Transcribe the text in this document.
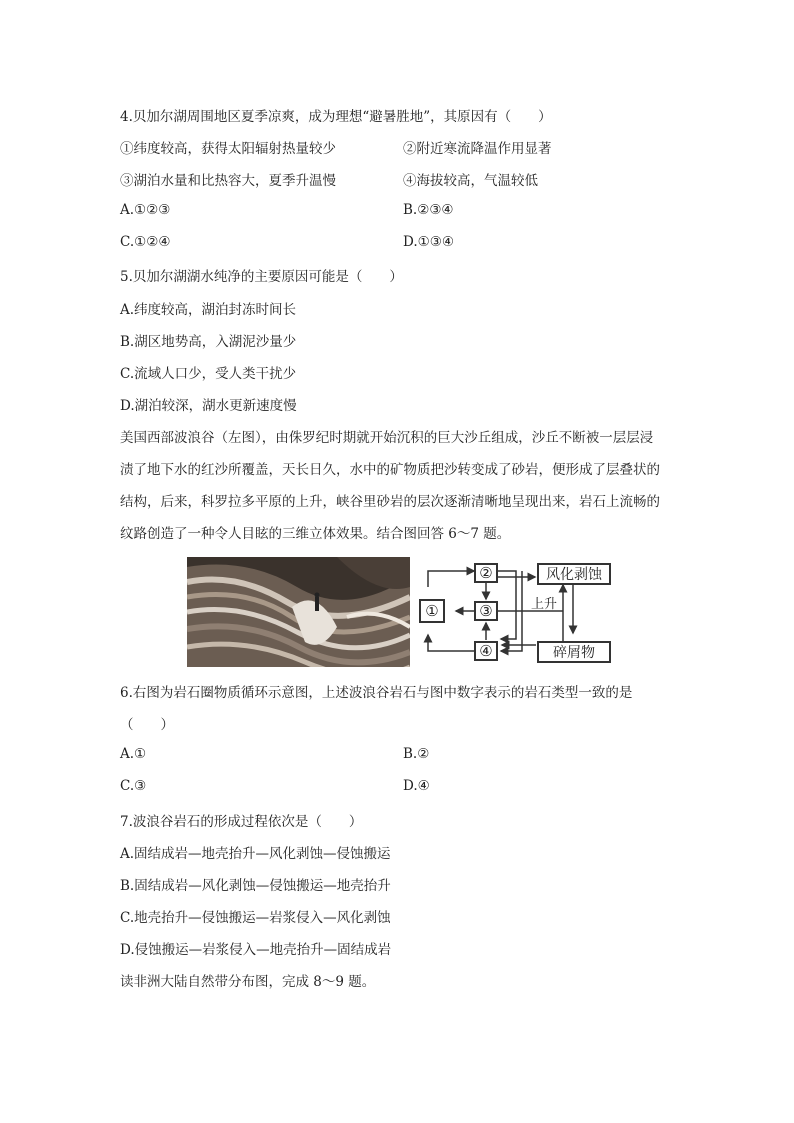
4.贝加尔湖周围地区夏季凉爽，成为理想“避暑胜地”，其原因有（　　）
①纬度较高，获得太阳辐射热量较少	②附近寒流降温作用显著
③湖泊水量和比热容大，夏季升温慢	④海拔较高，气温较低
A.①②③	B.②③④
C.①②④	D.①③④
5.贝加尔湖湖水纯净的主要原因可能是（　　）
A.纬度较高，湖泊封冻时间长
B.湖区地势高，入湖泥沙量少
C.流域人口少，受人类干扰少
D.湖泊较深，湖水更新速度慢
美国西部波浪谷（左图），由侏罗纪时期就开始沉积的巨大沙丘组成，沙丘不断被一层层浸
渍了地下水的红沙所覆盖，天长日久，水中的矿物质把沙转变成了砂岩，便形成了层叠状的
结构，后来，科罗拉多平原的上升，峡谷里砂岩的层次逐渐清晰地呈现出来，岩石上流畅的
纹路创造了一种令人目眩的三维立体效果。结合图回答 6～7 题。
①
②
③
④
风化剥蚀
碎屑物
上升
6.右图为岩石圈物质循环示意图，上述波浪谷岩石与图中数字表示的岩石类型一致的是
（　　）
A.①	B.②
C.③	D.④
7.波浪谷岩石的形成过程依次是（　　）
A.固结成岩—地壳抬升—风化剥蚀—侵蚀搬运
B.固结成岩—风化剥蚀—侵蚀搬运—地壳抬升
C.地壳抬升—侵蚀搬运—岩浆侵入—风化剥蚀
D.侵蚀搬运—岩浆侵入—地壳抬升—固结成岩
读非洲大陆自然带分布图，完成 8～9 题。
